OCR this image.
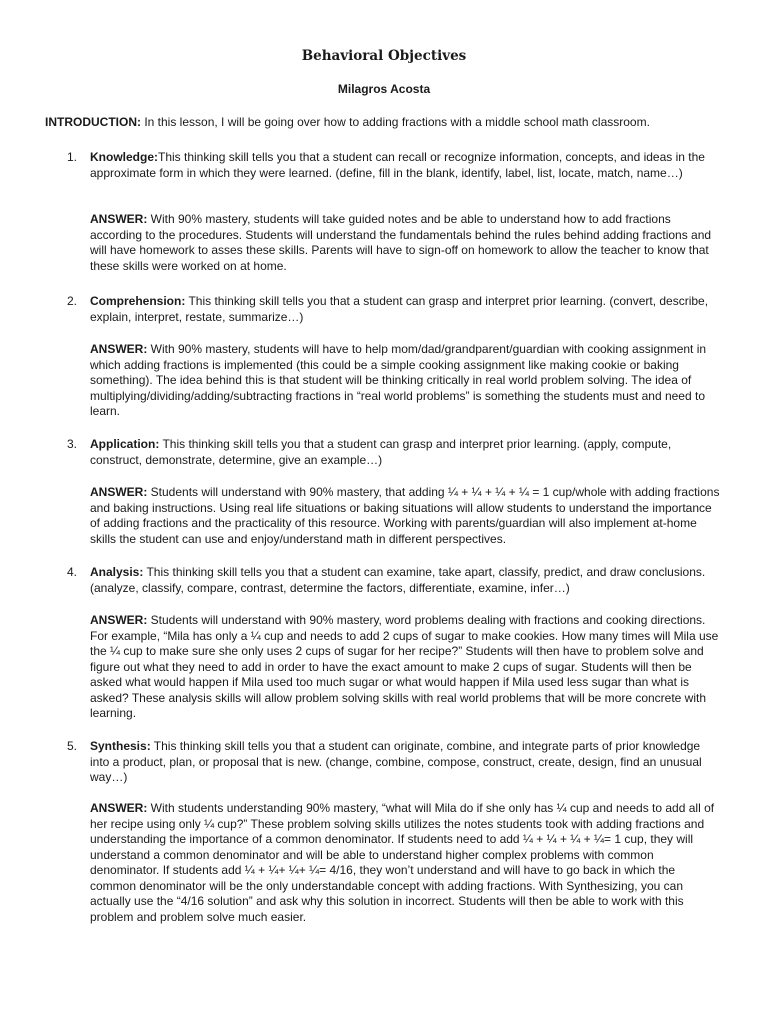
Behavioral Objectives
Milagros Acosta
INTRODUCTION: In this lesson, I will be going over how to adding fractions with a middle school math classroom.
1. Knowledge:This thinking skill tells you that a student can recall or recognize information, concepts, and ideas in the approximate form in which they were learned. (define, fill in the blank, identify, label, list, locate, match, name…)
ANSWER: With 90% mastery, students will take guided notes and be able to understand how to add fractions according to the procedures. Students will understand the fundamentals behind the rules behind adding fractions and will have homework to asses these skills. Parents will have to sign-off on homework to allow the teacher to know that these skills were worked on at home.
2. Comprehension: This thinking skill tells you that a student can grasp and interpret prior learning. (convert, describe, explain, interpret, restate, summarize…)
ANSWER: With 90% mastery, students will have to help mom/dad/grandparent/guardian with cooking assignment in which adding fractions is implemented (this could be a simple cooking assignment like making cookie or baking something). The idea behind this is that student will be thinking critically in real world problem solving. The idea of multiplying/dividing/adding/subtracting fractions in “real world problems” is something the students must and need to learn.
3. Application: This thinking skill tells you that a student can grasp and interpret prior learning. (apply, compute, construct, demonstrate, determine, give an example…)
ANSWER: Students will understand with 90% mastery, that adding ¼ + ¼ + ¼ + ¼ = 1 cup/whole with adding fractions and baking instructions. Using real life situations or baking situations will allow students to understand the importance of adding fractions and the practicality of this resource. Working with parents/guardian will also implement at-home skills the student can use and enjoy/understand math in different perspectives.
4. Analysis: This thinking skill tells you that a student can examine, take apart, classify, predict, and draw conclusions. (analyze, classify, compare, contrast, determine the factors, differentiate, examine, infer…)
ANSWER: Students will understand with 90% mastery, word problems dealing with fractions and cooking directions. For example, “Mila has only a ¼ cup and needs to add 2 cups of sugar to make cookies. How many times will Mila use the ¼ cup to make sure she only uses 2 cups of sugar for her recipe?” Students will then have to problem solve and figure out what they need to add in order to have the exact amount to make 2 cups of sugar. Students will then be asked what would happen if Mila used too much sugar or what would happen if Mila used less sugar than what is asked? These analysis skills will allow problem solving skills with real world problems that will be more concrete with learning.
5. Synthesis: This thinking skill tells you that a student can originate, combine, and integrate parts of prior knowledge into a product, plan, or proposal that is new. (change, combine, compose, construct, create, design, find an unusual way…)
ANSWER: With students understanding 90% mastery, “what will Mila do if she only has ¼ cup and needs to add all of her recipe using only ¼ cup?” These problem solving skills utilizes the notes students took with adding fractions and understanding the importance of a common denominator. If students need to add ¼ + ¼ + ¼ + ¼= 1 cup, they will understand a common denominator and will be able to understand higher complex problems with common denominator. If students add ¼ + ¼+ ¼+ ¼= 4/16, they won’t understand and will have to go back in which the common denominator will be the only understandable concept with adding fractions. With Synthesizing, you can actually use the “4/16 solution” and ask why this solution in incorrect. Students will then be able to work with this problem and problem solve much easier.
